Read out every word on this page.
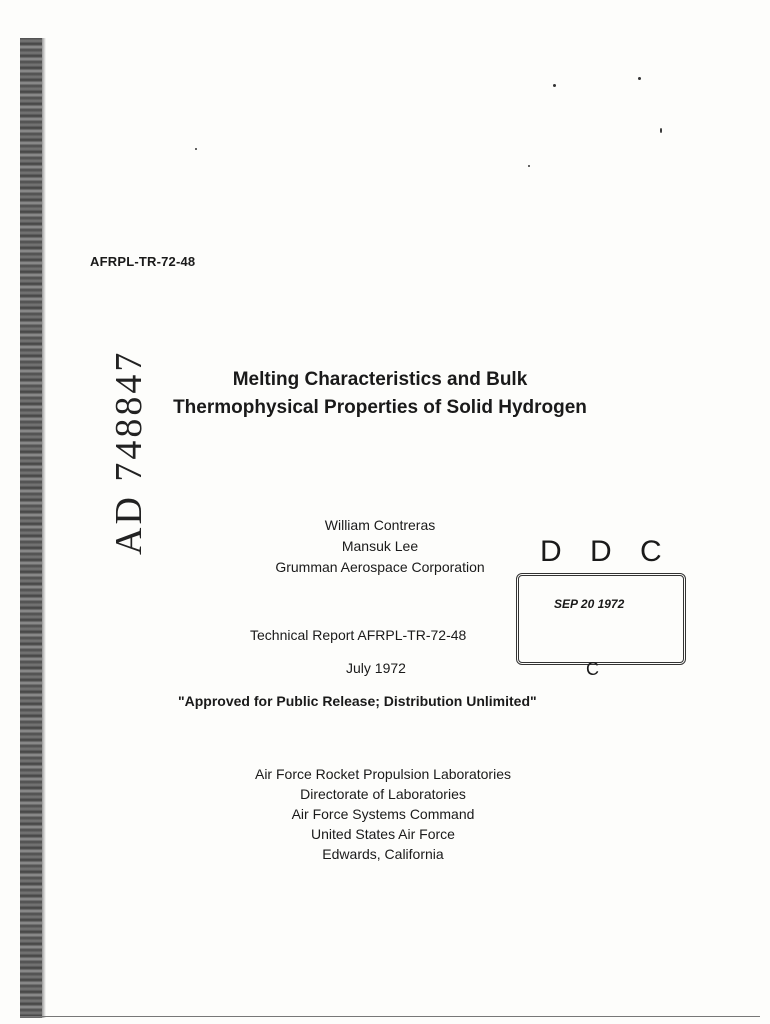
AFRPL-TR-72-48
AD 748847	Melting Characteristics and Bulk
Thermophysical Properties of Solid Hydrogen
William Contreras
Mansuk Lee
Grumman Aerospace Corporation
Technical Report AFRPL-TR-72-48
July 1972
"Approved for Public Release; Distribution Unlimited"
D D C
SEP 20 1972
C
Air Force Rocket Propulsion Laboratories
Directorate of Laboratories
Air Force Systems Command
United States Air Force
Edwards, California
